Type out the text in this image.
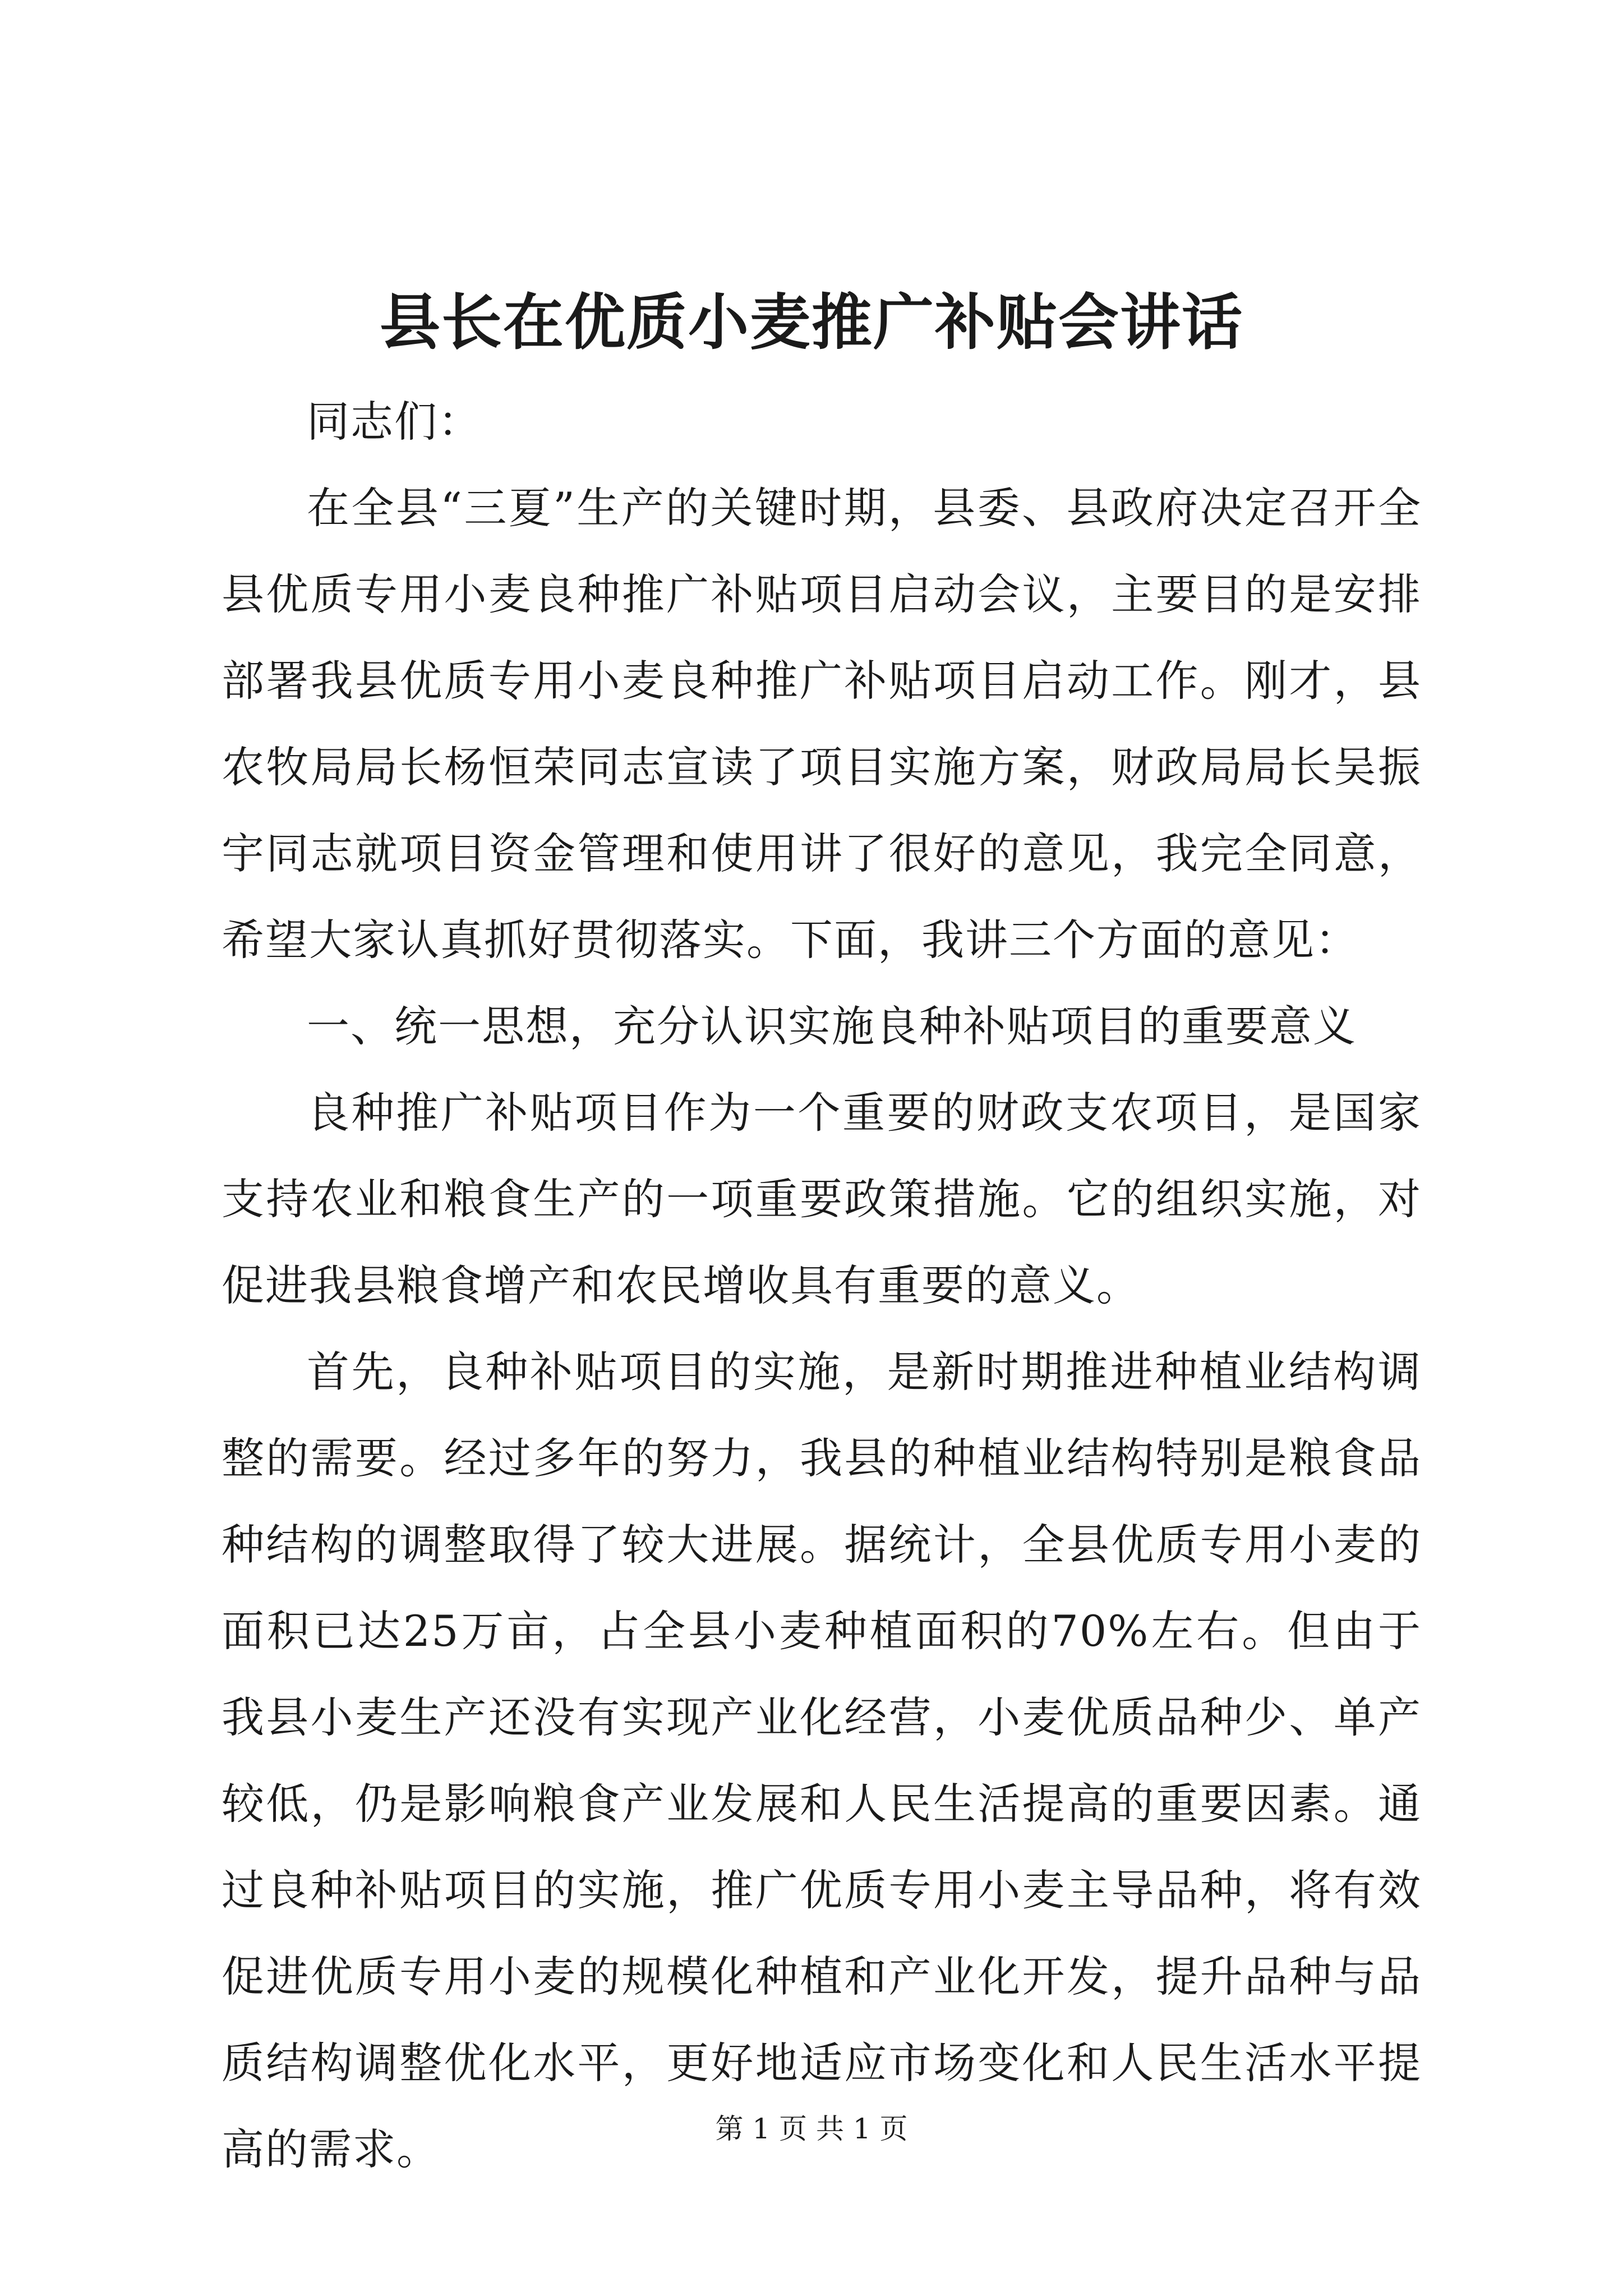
县长在优质小麦推广补贴会讲话

同志们：

在全县“三夏”生产的关键时期，县委、县政府决定召开全县优质专用小麦良种推广补贴项目启动会议，主要目的是安排部署我县优质专用小麦良种推广补贴项目启动工作。刚才，县农牧局局长杨恒荣同志宣读了项目实施方案，财政局局长吴振宇同志就项目资金管理和使用讲了很好的意见，我完全同意，希望大家认真抓好贯彻落实。下面，我讲三个方面的意见：

一、统一思想，充分认识实施良种补贴项目的重要意义

良种推广补贴项目作为一个重要的财政支农项目，是国家支持农业和粮食生产的一项重要政策措施。它的组织实施，对促进我县粮食增产和农民增收具有重要的意义。

首先，良种补贴项目的实施，是新时期推进种植业结构调整的需要。经过多年的努力，我县的种植业结构特别是粮食品种结构的调整取得了较大进展。据统计，全县优质专用小麦的面积已达25万亩，占全县小麦种植面积的70%左右。但由于我县小麦生产还没有实现产业化经营，小麦优质品种少、单产较低，仍是影响粮食产业发展和人民生活提高的重要因素。通过良种补贴项目的实施，推广优质专用小麦主导品种，将有效促进优质专用小麦的规模化种植和产业化开发，提升品种与品质结构调整优化水平，更好地适应市场变化和人民生活水平提高的需求。	第 1 页 共 1 页
